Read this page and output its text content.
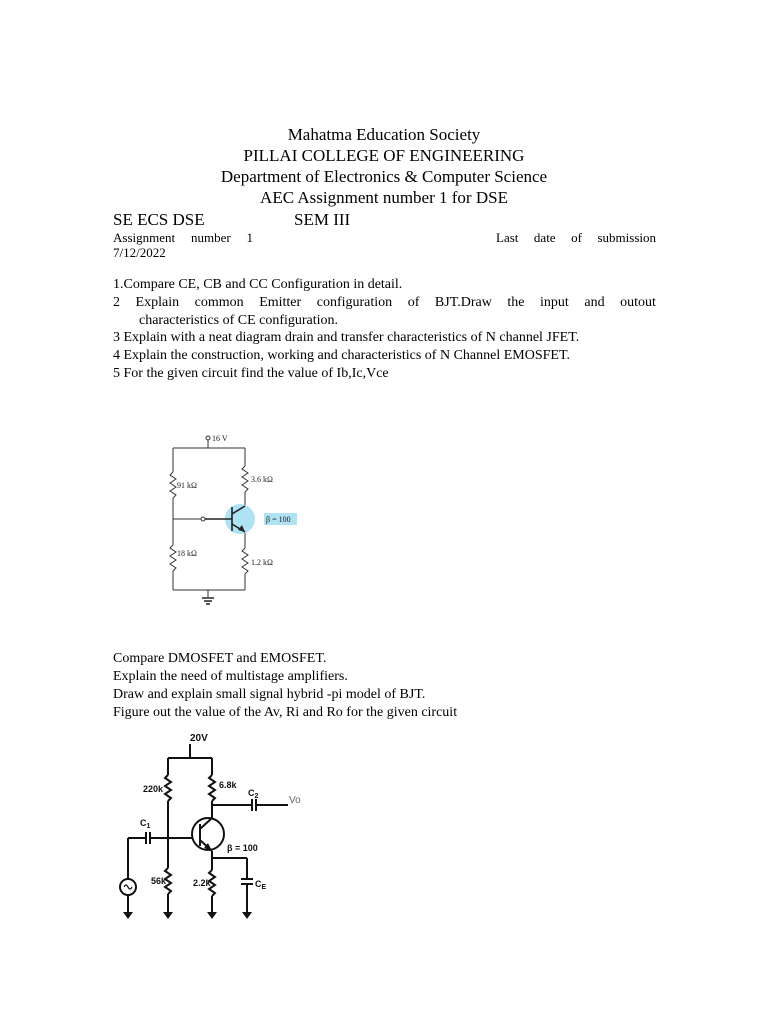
Mahatma Education Society
PILLAI COLLEGE OF ENGINEERING
Department of Electronics & Computer Science
AEC Assignment number 1 for DSE
SE ECS DSE	SEM III
Assignment number 1	Last date of submission
7/12/2022
1.Compare CE, CB and CC Configuration in detail.
2 Explain common Emitter configuration of BJT.Draw the input and outout
characteristics of CE configuration.
3 Explain with a neat diagram drain and transfer characteristics of N channel JFET.
4 Explain the construction, working and characteristics of N Channel EMOSFET.
5 For the given circuit find the value of Ib,Ic,Vce
16 V
91 kΩ
3.6 kΩ
β = 100
18 kΩ
1.2 kΩ
Compare DMOSFET and EMOSFET.
Explain the need of multistage amplifiers.
Draw and explain small signal hybrid -pi model of BJT.
Figure out the value of the Av, Ri and Ro for the given circuit
20V
220k	6.8k
$C_2$	Vo
$C_1$
β = 100
56k	2.2k	$C_E$
